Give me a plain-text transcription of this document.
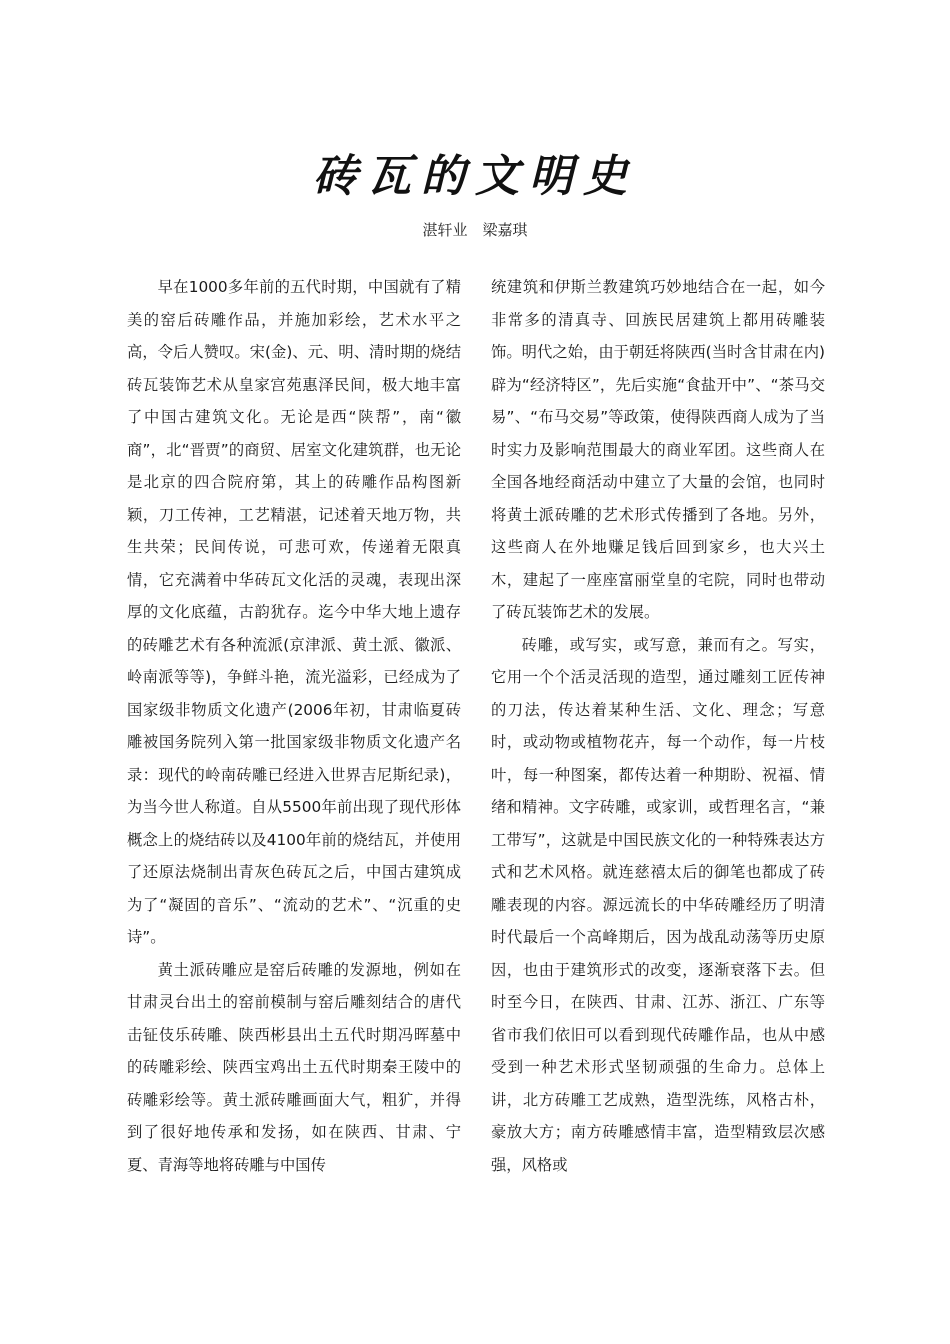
砖瓦的文明史
湛轩业　梁嘉琪

早在1000多年前的五代时期，中国就有了精美的窑后砖雕作品，并施加彩绘，艺术水平之高，令后人赞叹。宋(金)、元、明、清时期的烧结砖瓦装饰艺术从皇家宫苑惠泽民间，极大地丰富了中国古建筑文化。无论是西“陕帮”，南“徽商”，北“晋贾”的商贸、居室文化建筑群，也无论是北京的四合院府第，其上的砖雕作品构图新颖，刀工传神，工艺精湛，记述着天地万物，共生共荣；民间传说，可悲可欢，传递着无限真情，它充满着中华砖瓦文化活的灵魂，表现出深厚的文化底蕴，古韵犹存。迄今中华大地上遗存的砖雕艺术有各种流派(京津派、黄土派、徽派、岭南派等等)，争鲜斗艳，流光溢彩，已经成为了国家级非物质文化遗产(2006年初，甘肃临夏砖雕被国务院列入第一批国家级非物质文化遗产名录：现代的岭南砖雕已经进入世界吉尼斯纪录)，为当今世人称道。自从5500年前出现了现代形体概念上的烧结砖以及4100年前的烧结瓦，并使用了还原法烧制出青灰色砖瓦之后，中国古建筑成为了“凝固的音乐”、“流动的艺术”、“沉重的史诗”。

黄土派砖雕应是窑后砖雕的发源地，例如在甘肃灵台出土的窑前模制与窑后雕刻结合的唐代击钲伎乐砖雕、陕西彬县出土五代时期冯晖墓中的砖雕彩绘、陕西宝鸡出土五代时期秦王陵中的砖雕彩绘等。黄土派砖雕画面大气，粗犷，并得到了很好地传承和发扬，如在陕西、甘肃、宁夏、青海等地将砖雕与中国传

统建筑和伊斯兰教建筑巧妙地结合在一起，如今非常多的清真寺、回族民居建筑上都用砖雕装饰。明代之始，由于朝廷将陕西(当时含甘肃在内)辟为“经济特区”，先后实施“食盐开中”、“茶马交易”、“布马交易”等政策，使得陕西商人成为了当时实力及影响范围最大的商业军团。这些商人在全国各地经商活动中建立了大量的会馆，也同时将黄土派砖雕的艺术形式传播到了各地。另外，这些商人在外地赚足钱后回到家乡，也大兴土木，建起了一座座富丽堂皇的宅院，同时也带动了砖瓦装饰艺术的发展。

砖雕，或写实，或写意，兼而有之。写实，它用一个个活灵活现的造型，通过雕刻工匠传神的刀法，传达着某种生活、文化、理念；写意时，或动物或植物花卉，每一个动作，每一片枝叶，每一种图案，都传达着一种期盼、祝福、情绪和精神。文字砖雕，或家训，或哲理名言，“兼工带写”，这就是中国民族文化的一种特殊表达方式和艺术风格。就连慈禧太后的御笔也都成了砖雕表现的内容。源远流长的中华砖雕经历了明清时代最后一个高峰期后，因为战乱动荡等历史原因，也由于建筑形式的改变，逐渐衰落下去。但时至今日，在陕西、甘肃、江苏、浙江、广东等省市我们依旧可以看到现代砖雕作品，也从中感受到一种艺术形式坚韧顽强的生命力。总体上讲，北方砖雕工艺成熟，造型洗练，风格古朴，豪放大方；南方砖雕感情丰富，造型精致层次感强，风格或
